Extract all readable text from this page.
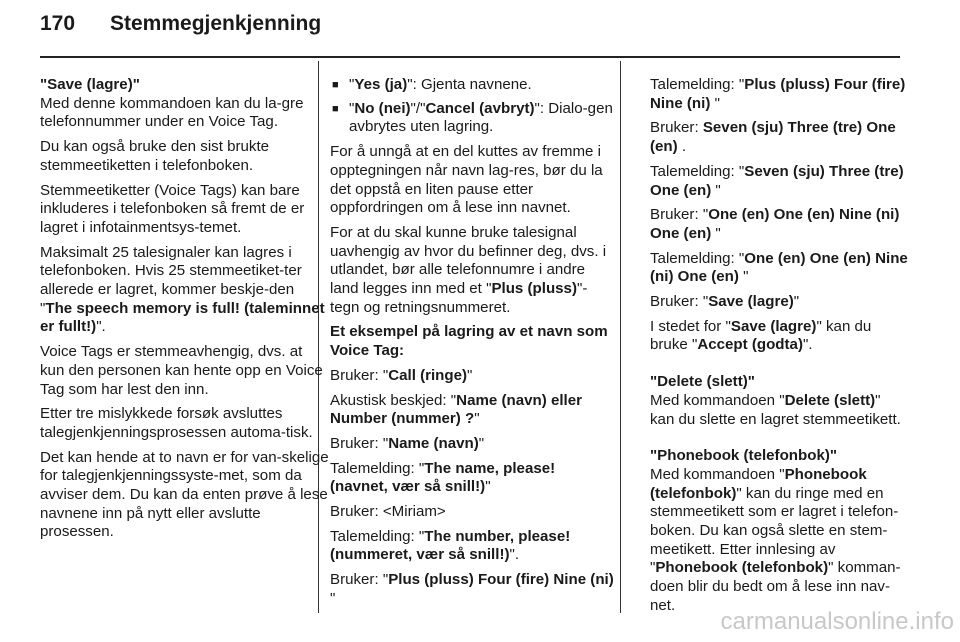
170 Stemmegjenkjenning

"Save (lagre)"
Med denne kommandoen kan du la-gre telefonnummer under en Voice Tag.

Du kan også bruke den sist brukte stemmeetiketten i telefonboken.

Stemmeetiketter (Voice Tags) kan bare inkluderes i telefonboken så fremt de er lagret i infotainmentsys-temet.

Maksimalt 25 talesignaler kan lagres i telefonboken. Hvis 25 stemmeetiket-ter allerede er lagret, kommer beskje-den "The speech memory is full! (taleminnet er fullt!)".

Voice Tags er stemmeavhengig, dvs. at kun den personen kan hente opp en Voice Tag som har lest den inn.

Etter tre mislykkede forsøk avsluttes talegjenkjenningsprosessen automa-tisk.

Det kan hende at to navn er for van-skelige for talegjenkjenningssyste-met, som da avviser dem. Du kan da enten prøve å lese navnene inn på nytt eller avslutte prosessen.

■ "Yes (ja)": Gjenta navnene.
■ "No (nei)"/"Cancel (avbryt)": Dialo-gen avbrytes uten lagring.

For å unngå at en del kuttes av fremme i opptegningen når navn lag-res, bør du la det oppstå en liten pause etter oppfordringen om å lese inn navnet.

For at du skal kunne bruke talesignal uavhengig av hvor du befinner deg, dvs. i utlandet, bør alle telefonnumre i andre land legges inn med et "Plus (pluss)"-tegn og retningsnummeret.

Et eksempel på lagring av et navn som Voice Tag:

Bruker: "Call (ringe)"

Akustisk beskjed: "Name (navn) eller Number (nummer) ?"

Bruker: "Name (navn)"

Talemelding: "The name, please! (navnet, vær så snill!)"

Bruker: <Miriam>

Talemelding: "The number, please! (nummeret, vær så snill!)".

Bruker: "Plus (pluss) Four (fire) Nine (ni) "

Talemelding: "Plus (pluss) Four (fire) Nine (ni) "

Bruker: Seven (sju) Three (tre) One (en) .

Talemelding: "Seven (sju) Three (tre) One (en) "

Bruker: "One (en) One (en) Nine (ni) One (en) "

Talemelding: "One (en) One (en) Nine (ni) One (en) "

Bruker: "Save (lagre)"

I stedet for "Save (lagre)" kan du bruke "Accept (godta)".

"Delete (slett)"
Med kommandoen "Delete (slett)" kan du slette en lagret stemmeetikett.

"Phonebook (telefonbok)"
Med kommandoen "Phonebook (telefonbok)" kan du ringe med en stemmeetikett som er lagret i telefon-boken. Du kan også slette en stem-meetikett. Etter innlesing av "Phonebook (telefonbok)" komman-doen blir du bedt om å lese inn nav-net.

carmanualsonline.info
